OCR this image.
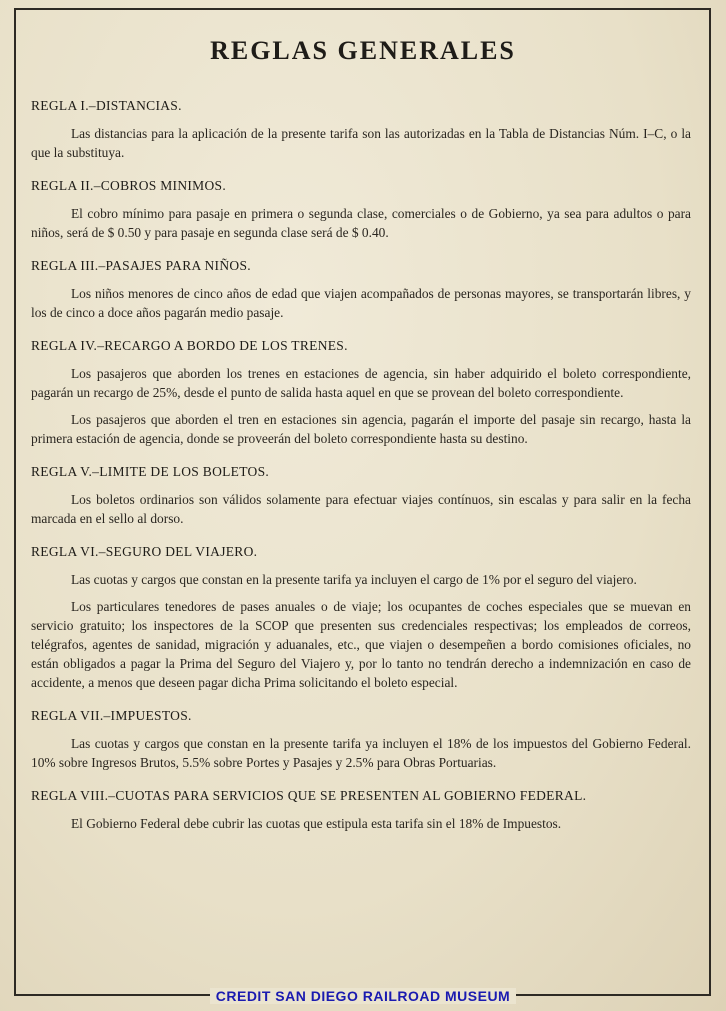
REGLAS GENERALES
REGLA I.–DISTANCIAS.

Las distancias para la aplicación de la presente tarifa son las autorizadas en la Tabla de Distancias Núm. I–C, o la que la substituya.

REGLA II.–COBROS MINIMOS.

El cobro mínimo para pasaje en primera o segunda clase, comerciales o de Gobierno, ya sea para adultos o para niños, será de $ 0.50 y para pasaje en segunda clase será de $ 0.40.

REGLA III.–PASAJES PARA NIÑOS.

Los niños menores de cinco años de edad que viajen acompañados de personas mayores, se transportarán libres, y los de cinco a doce años pagarán medio pasaje.

REGLA IV.–RECARGO A BORDO DE LOS TRENES.

Los pasajeros que aborden los trenes en estaciones de agencia, sin haber adquirido el boleto correspondiente, pagarán un recargo de 25%, desde el punto de salida hasta aquel en que se provean del boleto correspondiente.

Los pasajeros que aborden el tren en estaciones sin agencia, pagarán el importe del pasaje sin recargo, hasta la primera estación de agencia, donde se proveerán del boleto correspondiente hasta su destino.

REGLA V.–LIMITE DE LOS BOLETOS.

Los boletos ordinarios son válidos solamente para efectuar viajes contínuos, sin escalas y para salir en la fecha marcada en el sello al dorso.

REGLA VI.–SEGURO DEL VIAJERO.

Las cuotas y cargos que constan en la presente tarifa ya incluyen el cargo de 1% por el seguro del viajero.

Los particulares tenedores de pases anuales o de viaje; los ocupantes de coches especiales que se muevan en servicio gratuito; los inspectores de la SCOP que presenten sus credenciales respectivas; los empleados de correos, telégrafos, agentes de sanidad, migración y aduanales, etc., que viajen o desempeñen a bordo comisiones oficiales, no están obligados a pagar la Prima del Seguro del Viajero y, por lo tanto no tendrán derecho a indemnización en caso de accidente, a menos que deseen pagar dicha Prima solicitando el boleto especial.

REGLA VII.–IMPUESTOS.

Las cuotas y cargos que constan en la presente tarifa ya incluyen el 18% de los impuestos del Gobierno Federal. 10% sobre Ingresos Brutos, 5.5% sobre Portes y Pasajes y 2.5% para Obras Portuarias.

REGLA VIII.–CUOTAS PARA SERVICIOS QUE SE PRESENTEN AL GOBIERNO FEDERAL.

El Gobierno Federal debe cubrir las cuotas que estipula esta tarifa sin el 18% de Impuestos.

CREDIT SAN DIEGO RAILROAD MUSEUM
